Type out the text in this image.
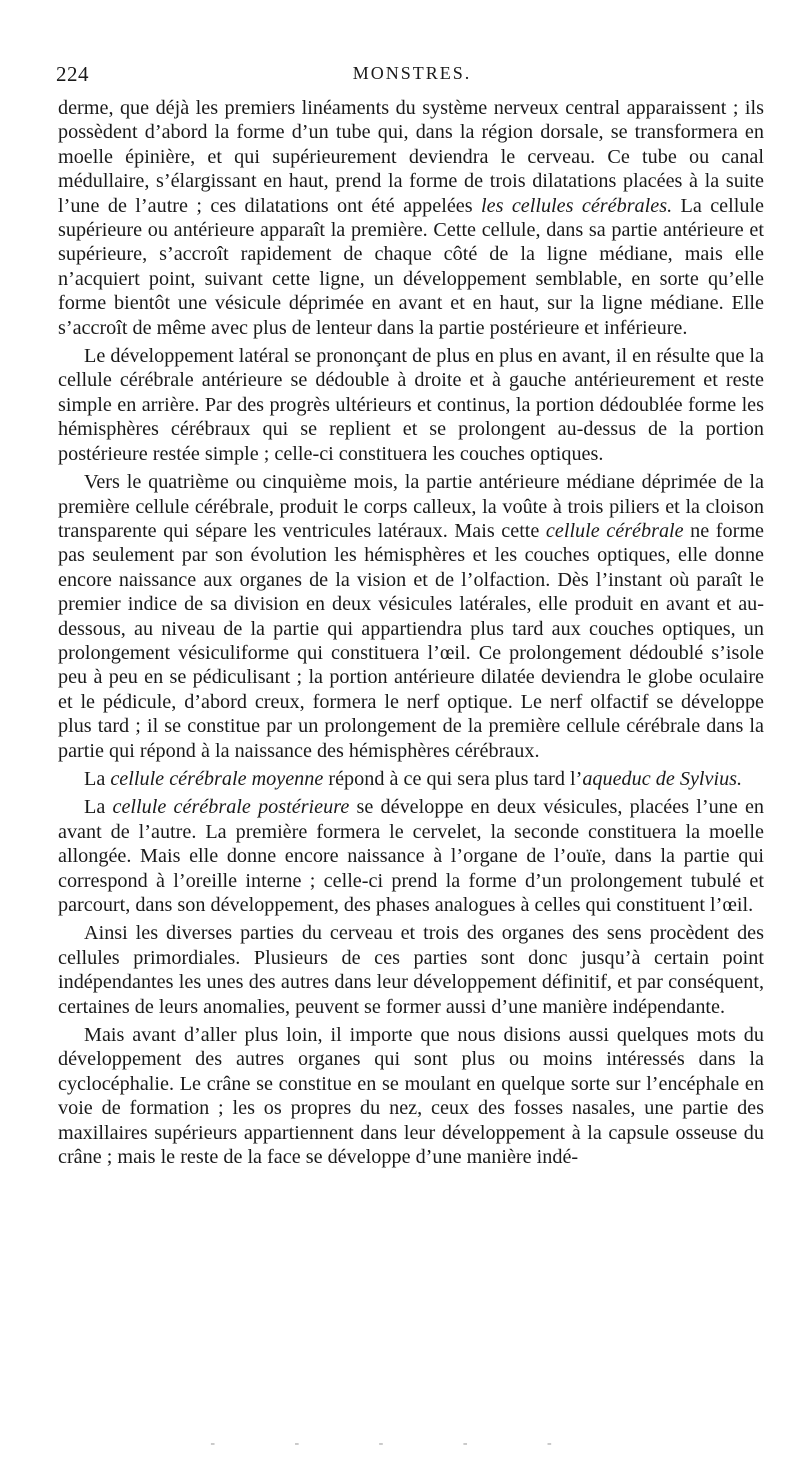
224	MONSTRES.

derme, que déjà les premiers linéaments du système nerveux central apparaissent ; ils possèdent d’abord la forme d’un tube qui, dans la région dorsale, se transformera en moelle épinière, et qui supérieurement deviendra le cerveau. Ce tube ou canal médullaire, s’élargissant en haut, prend la forme de trois dilatations placées à la suite l’une de l’autre ; ces dilatations ont été appelées les cellules cérébrales. La cellule supérieure ou antérieure apparaît la première. Cette cellule, dans sa partie antérieure et supérieure, s’accroît rapidement de chaque côté de la ligne médiane, mais elle n’acquiert point, suivant cette ligne, un développement semblable, en sorte qu’elle forme bientôt une vésicule déprimée en avant et en haut, sur la ligne médiane. Elle s’accroît de même avec plus de lenteur dans la partie postérieure et inférieure.

Le développement latéral se prononçant de plus en plus en avant, il en résulte que la cellule cérébrale antérieure se dédouble à droite et à gauche antérieurement et reste simple en arrière. Par des progrès ultérieurs et continus, la portion dédoublée forme les hémisphères cérébraux qui se replient et se prolongent au-dessus de la portion postérieure restée simple ; celle-ci constituera les couches optiques.

Vers le quatrième ou cinquième mois, la partie antérieure médiane déprimée de la première cellule cérébrale, produit le corps calleux, la voûte à trois piliers et la cloison transparente qui sépare les ventricules latéraux. Mais cette cellule cérébrale ne forme pas seulement par son évolution les hémisphères et les couches optiques, elle donne encore naissance aux organes de la vision et de l’olfaction. Dès l’instant où paraît le premier indice de sa division en deux vésicules latérales, elle produit en avant et au-dessous, au niveau de la partie qui appartiendra plus tard aux couches optiques, un prolongement vésiculiforme qui constituera l’œil. Ce prolongement dédoublé s’isole peu à peu en se pédiculisant ; la portion antérieure dilatée deviendra le globe oculaire et le pédicule, d’abord creux, formera le nerf optique. Le nerf olfactif se développe plus tard ; il se constitue par un prolongement de la première cellule cérébrale dans la partie qui répond à la naissance des hémisphères cérébraux.

La cellule cérébrale moyenne répond à ce qui sera plus tard l’aqueduc de Sylvius.

La cellule cérébrale postérieure se développe en deux vésicules, placées l’une en avant de l’autre. La première formera le cervelet, la seconde constituera la moelle allongée. Mais elle donne encore naissance à l’organe de l’ouïe, dans la partie qui correspond à l’oreille interne ; celle-ci prend la forme d’un prolongement tubulé et parcourt, dans son développement, des phases analogues à celles qui constituent l’œil.

Ainsi les diverses parties du cerveau et trois des organes des sens procèdent des cellules primordiales. Plusieurs de ces parties sont donc jusqu’à certain point indépendantes les unes des autres dans leur développement définitif, et par conséquent, certaines de leurs anomalies, peuvent se former aussi d’une manière indépendante.

Mais avant d’aller plus loin, il importe que nous disions aussi quelques mots du développement des autres organes qui sont plus ou moins intéressés dans la cyclocéphalie. Le crâne se constitue en se moulant en quelque sorte sur l’encéphale en voie de formation ; les os propres du nez, ceux des fosses nasales, une partie des maxillaires supérieurs appartiennent dans leur développement à la capsule osseuse du crâne ; mais le reste de la face se développe d’une manière indé-

- - - - -
